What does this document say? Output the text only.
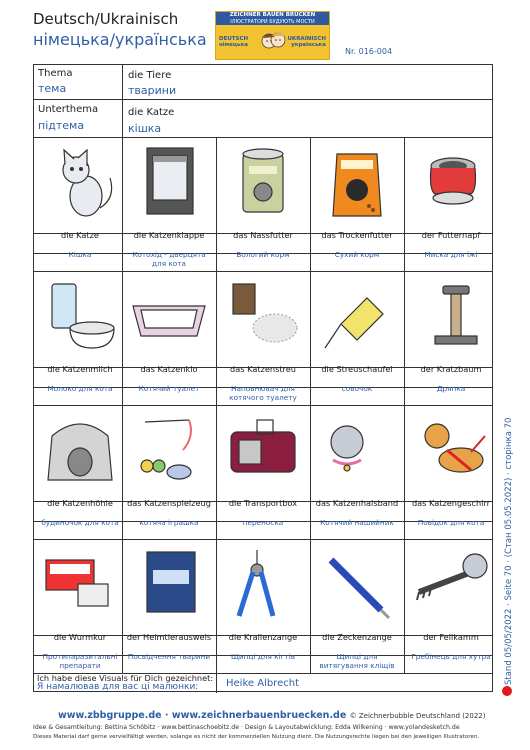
Deutsch/Ukrainisch
німецька/українська
ZEICHNER BAUEN BRÜCKEN
ІЛЮСТРАТОРИ БУДУЮТЬ МОСТИ
DEUTSCH
німецька
UKRAINISCH
українська
Nr. 016-004
Thema
тема
die Tiere
тварини
Unterthema
підтема
die Katze
кішка
die Katze
Кішка
die Katzenklappe
Котохід - дверцята для кота
das Nassfutter
Вологий корм
das Trockenfutter
Сухий корм
der Futternapf
Миска для їжі
die Katzenmilch
Молоко для кота
das Katzenklo
Котячий туалет
das Katzenstreu
Наповнювач для котячого туалету
die Streuschaufel
совочок
der Kratzbaum
Дряпка
die Katzenhöhle
будиночок для кота
das Katzenspielzeug
котяча іграшка
die Transportbox
переноска
das Katzenhalsband
Котячий нашийник
das Katzengeschirr
Повідок для кота
die Wurmkur
Протипаразитальні препарати
der Heimtierausweis
Посвідчення тварини
die Krallenzange
Щипці для кігтів
die Zeckenzange
Щипці для витягування кліщів
der Fellkamm
Гребінець для хутра
Ich habe diese Visuals für Dich gezeichnet:
Я намалював для вас ці малюнки:	Heike Albrecht	Stand 05/05/2022 · Seite 70 · (Стан 05.05.2022) · сторінка 70
www.zbbgruppe.de · www.zeichnerbauenbruecken.de © Zeichnerbubble Deutschland (2022)
Idee & Gesamtleitung: Bettina Schöbitz · www.bettinaschoebitz.de · Design & Layoutabwicklung: Edda Wilkening · www.yolandesketch.de
Dieses Material darf gerne vervielfältigt werden, solange es nicht der kommerziellen Nutzung dient. Die Nutzungsrechte liegen bei den jeweiligen Illustratoren.
